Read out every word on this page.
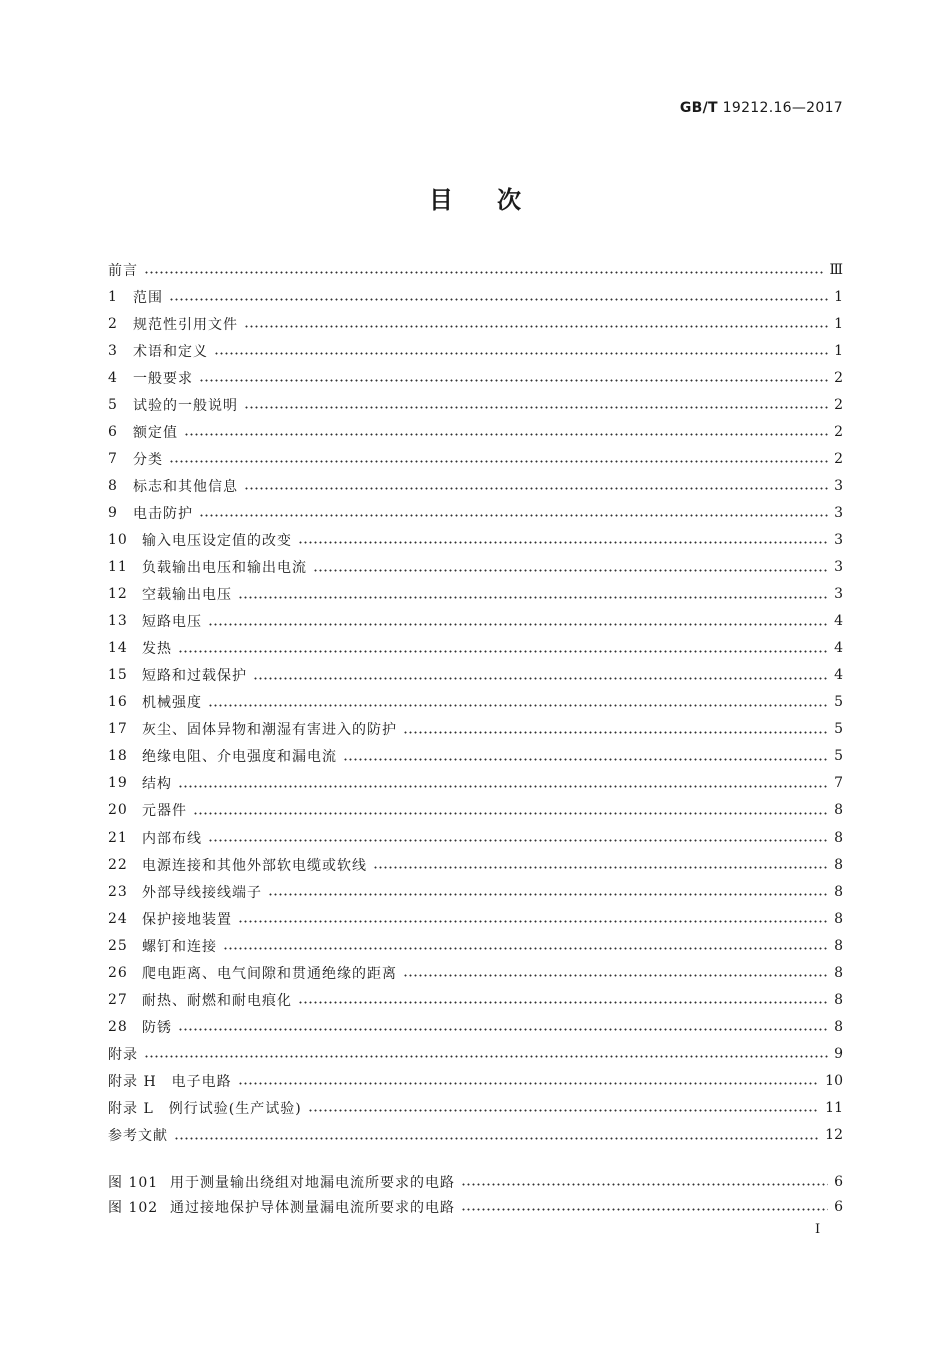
GB/T 19212.16—2017
目次
前言	Ⅲ
1	范围	1
2	规范性引用文件	1
3	术语和定义	1
4	一般要求	2
5	试验的一般说明	2
6	额定值	2
7	分类	2
8	标志和其他信息	3
9	电击防护	3
10	输入电压设定值的改变	3
11	负载输出电压和输出电流	3
12	空载输出电压	3
13	短路电压	4
14	发热	4
15	短路和过载保护	4
16	机械强度	5
17	灰尘、固体异物和潮湿有害进入的防护	5
18	绝缘电阻、介电强度和漏电流	5
19	结构	7
20	元器件	8
21	内部布线	8
22	电源连接和其他外部软电缆或软线	8
23	外部导线接线端子	8
24	保护接地装置	8
25	螺钉和连接	8
26	爬电距离、电气间隙和贯通绝缘的距离	8
27	耐热、耐燃和耐电痕化	8
28	防锈	8
附录	9
附录 H　电子电路	10
附录 L　例行试验(生产试验)	11
参考文献	12
图 101 用于测量输出绕组对地漏电流所要求的电路	6
图 102 通过接地保护导体测量漏电流所要求的电路	6
Ⅰ
